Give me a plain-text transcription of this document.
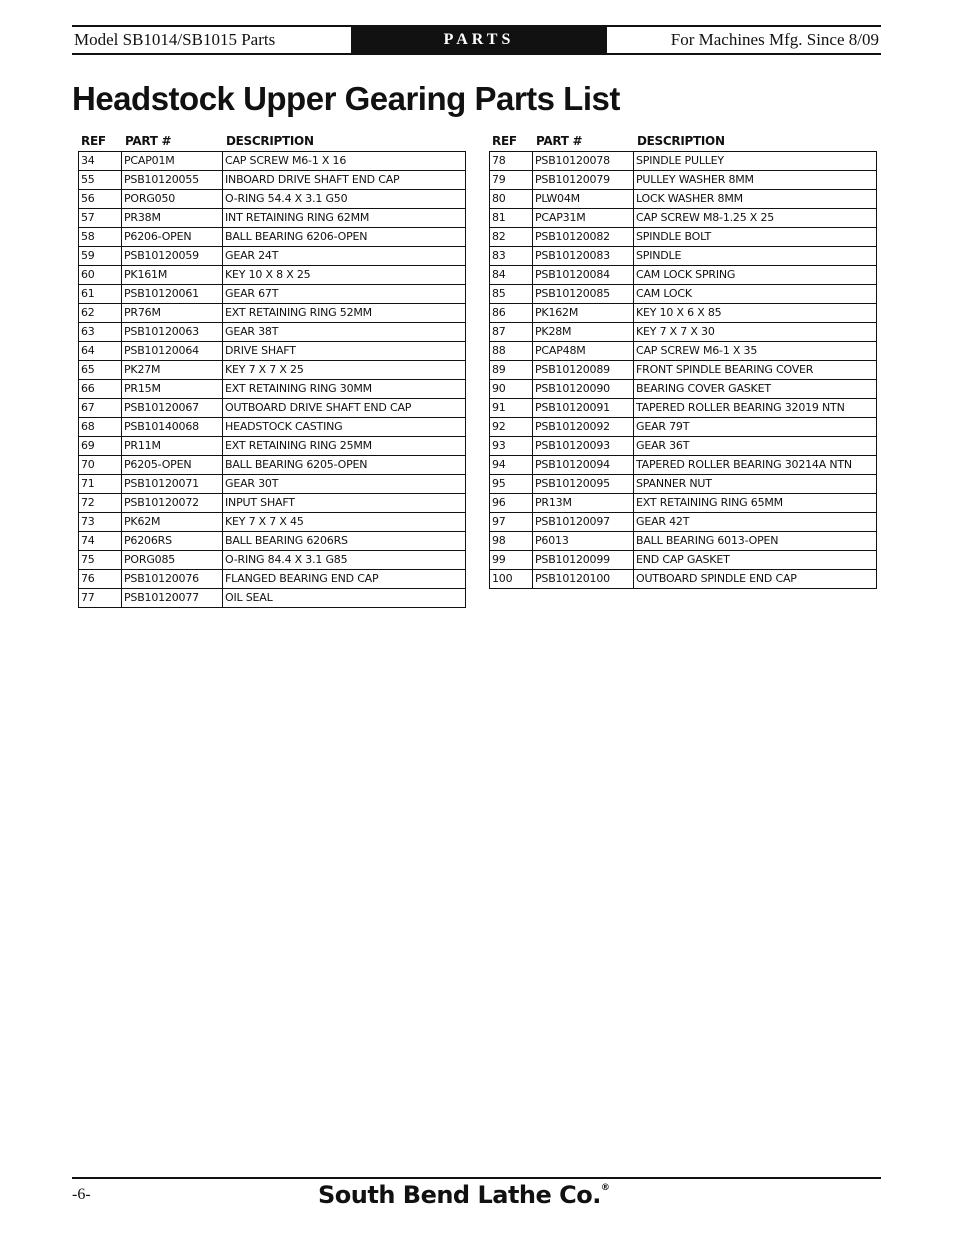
Model SB1014/SB1015 Parts	PARTS	For Machines Mfg. Since 8/09
Headstock Upper Gearing Parts List
REF	PART #	DESCRIPTION
34	PCAP01M	CAP SCREW M6-1 X 16
55	PSB10120055	INBOARD DRIVE SHAFT END CAP
56	PORG050	O-RING 54.4 X 3.1 G50
57	PR38M	INT RETAINING RING 62MM
58	P6206-OPEN	BALL BEARING 6206-OPEN
59	PSB10120059	GEAR 24T
60	PK161M	KEY 10 X 8 X 25
61	PSB10120061	GEAR 67T
62	PR76M	EXT RETAINING RING 52MM
63	PSB10120063	GEAR 38T
64	PSB10120064	DRIVE SHAFT
65	PK27M	KEY 7 X 7 X 25
66	PR15M	EXT RETAINING RING 30MM
67	PSB10120067	OUTBOARD DRIVE SHAFT END CAP
68	PSB10140068	HEADSTOCK CASTING
69	PR11M	EXT RETAINING RING 25MM
70	P6205-OPEN	BALL BEARING 6205-OPEN
71	PSB10120071	GEAR 30T
72	PSB10120072	INPUT SHAFT
73	PK62M	KEY 7 X 7 X 45
74	P6206RS	BALL BEARING 6206RS
75	PORG085	O-RING 84.4 X 3.1 G85
76	PSB10120076	FLANGED BEARING END CAP
77	PSB10120077	OIL SEAL
REF	PART #	DESCRIPTION
78	PSB10120078	SPINDLE PULLEY
79	PSB10120079	PULLEY WASHER 8MM
80	PLW04M	LOCK WASHER 8MM
81	PCAP31M	CAP SCREW M8-1.25 X 25
82	PSB10120082	SPINDLE BOLT
83	PSB10120083	SPINDLE
84	PSB10120084	CAM LOCK SPRING
85	PSB10120085	CAM LOCK
86	PK162M	KEY 10 X 6 X 85
87	PK28M	KEY 7 X 7 X 30
88	PCAP48M	CAP SCREW M6-1 X 35
89	PSB10120089	FRONT SPINDLE BEARING COVER
90	PSB10120090	BEARING COVER GASKET
91	PSB10120091	TAPERED ROLLER BEARING 32019 NTN
92	PSB10120092	GEAR 79T
93	PSB10120093	GEAR 36T
94	PSB10120094	TAPERED ROLLER BEARING 30214A NTN
95	PSB10120095	SPANNER NUT
96	PR13M	EXT RETAINING RING 65MM
97	PSB10120097	GEAR 42T
98	P6013	BALL BEARING 6013-OPEN
99	PSB10120099	END CAP GASKET
100	PSB10120100	OUTBOARD SPINDLE END CAP
-6-	South Bend Lathe Co.®
